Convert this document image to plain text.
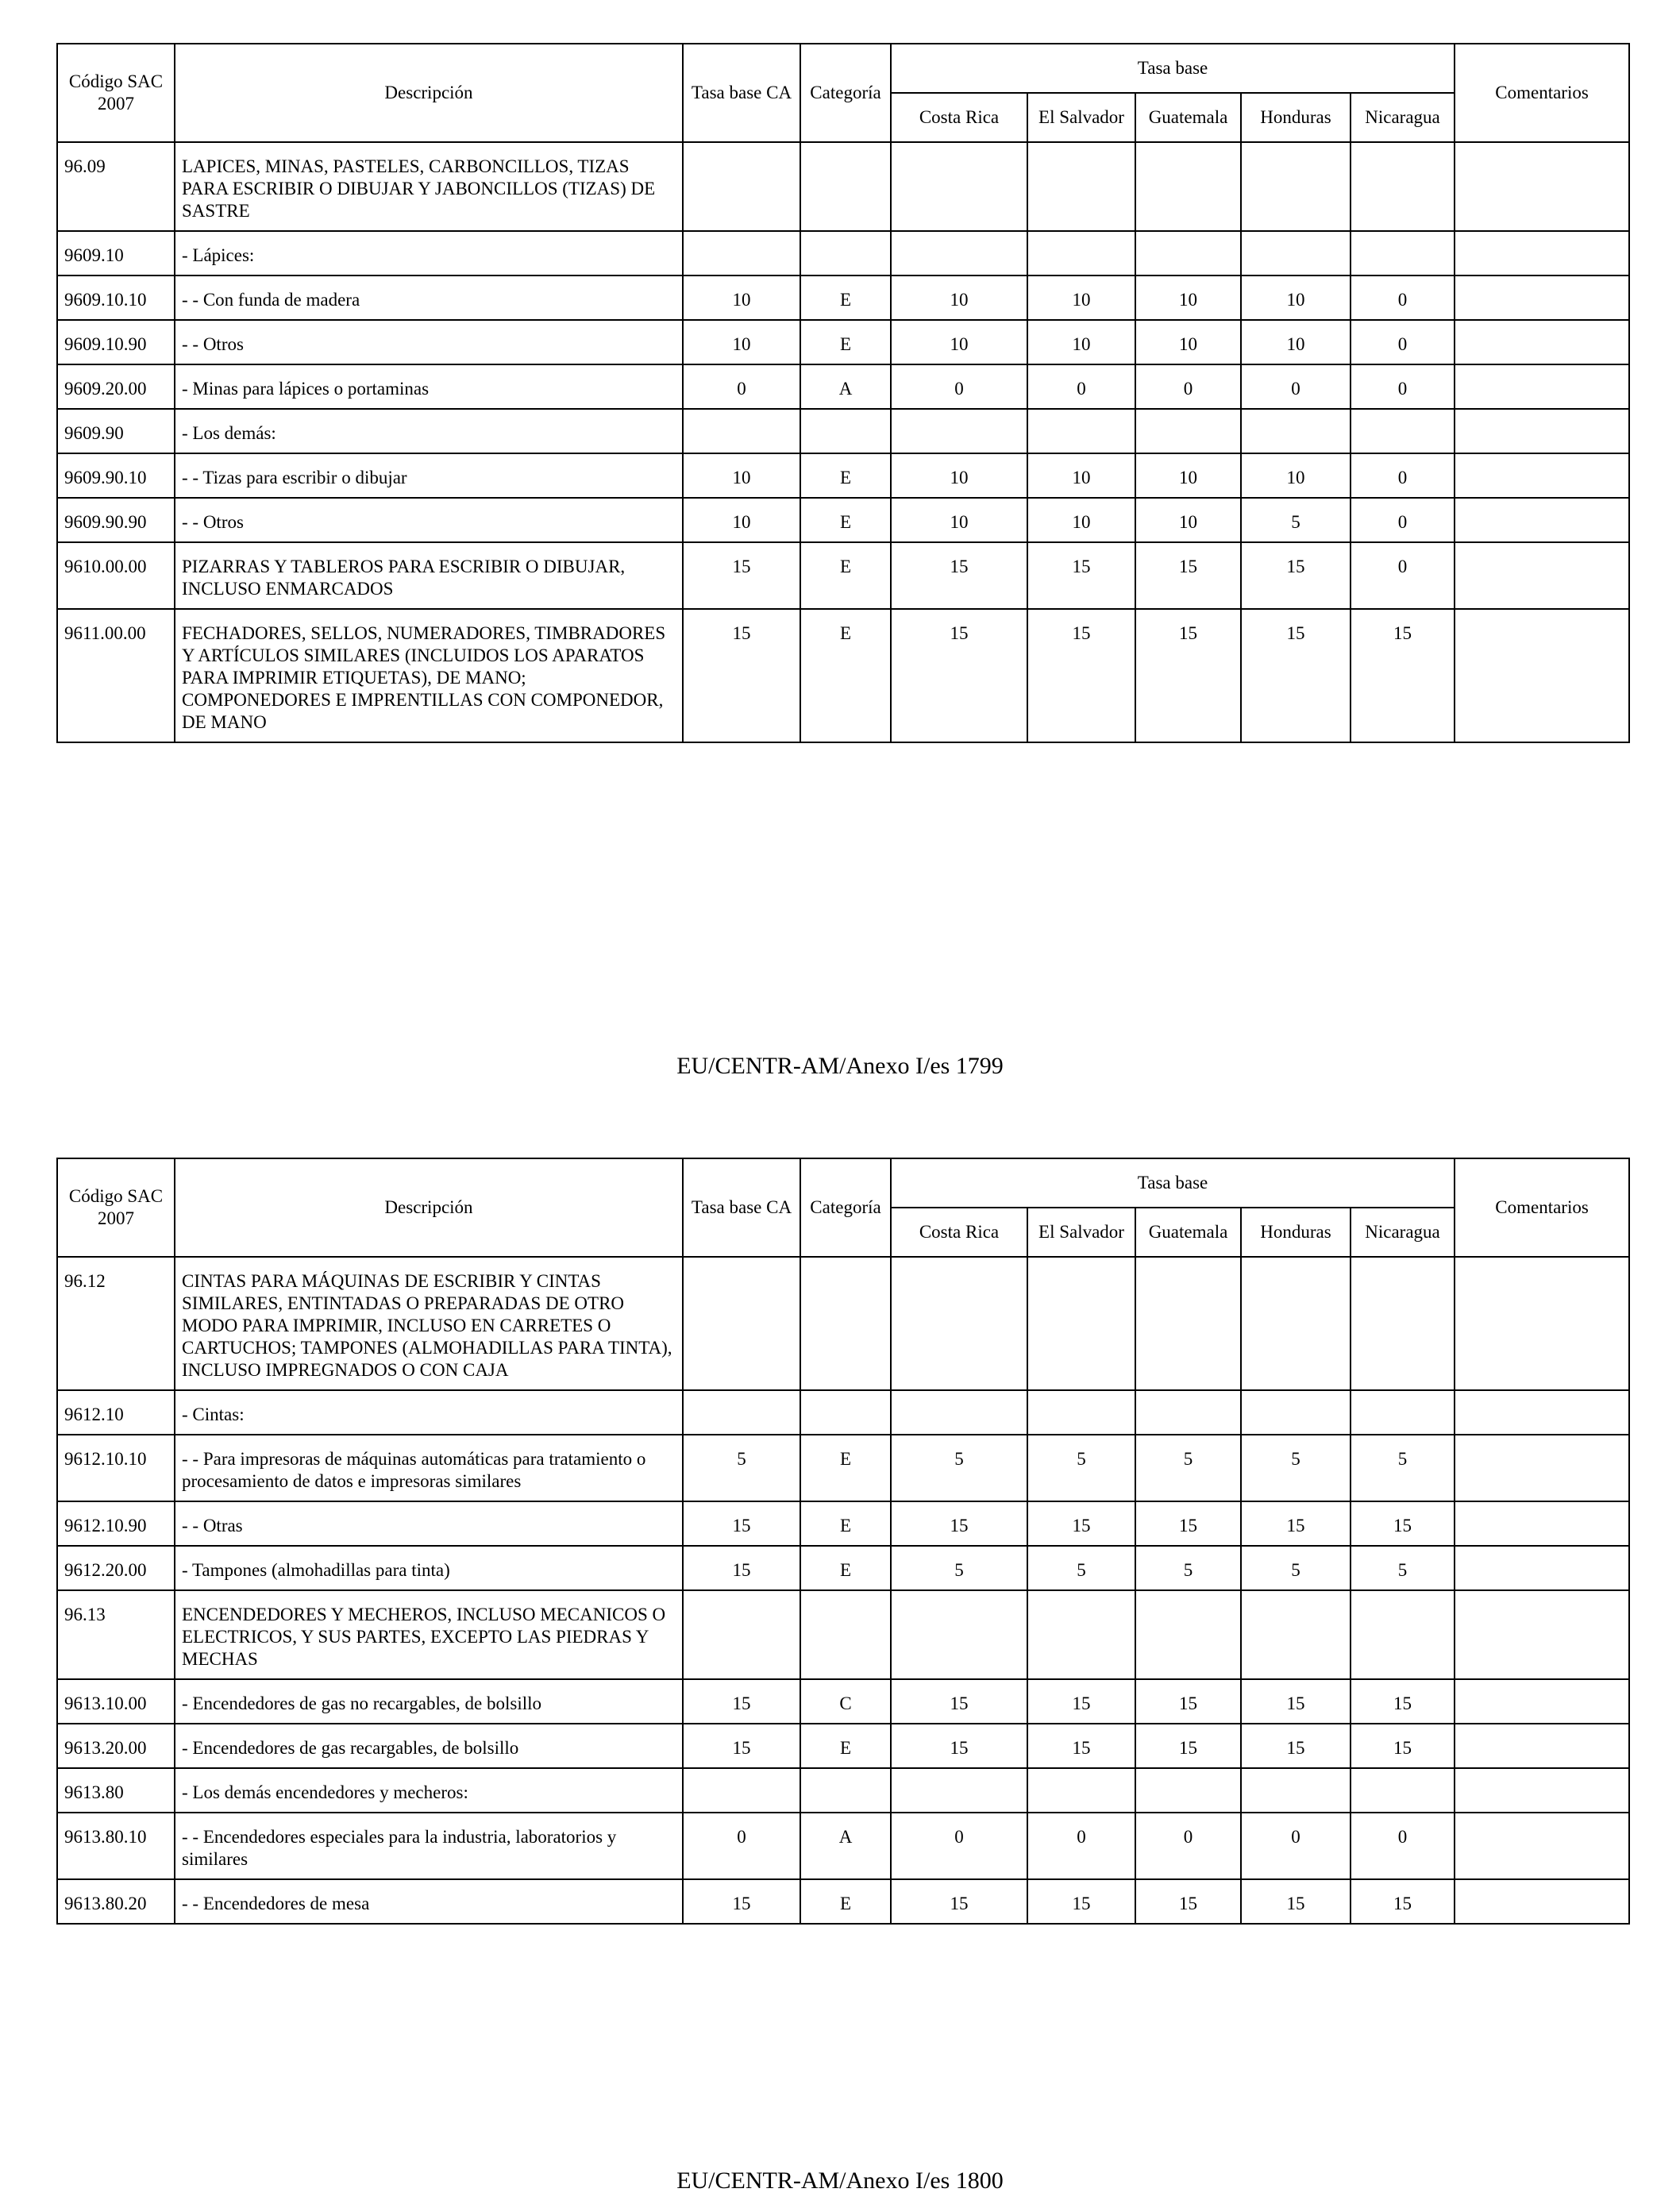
Código SAC 2007	Descripción	Tasa base CA	Categoría	Tasa base					Comentarios
				Costa Rica	El Salvador	Guatemala	Honduras	Nicaragua	
96.09	LAPICES, MINAS, PASTELES, CARBONCILLOS, TIZAS PARA ESCRIBIR O DIBUJAR Y JABONCILLOS (TIZAS) DE SASTRE								
9609.10	- Lápices:								
9609.10.10	- - Con funda de madera	10	E	10	10	10	10	0	
9609.10.90	- - Otros	10	E	10	10	10	10	0	
9609.20.00	- Minas para lápices o portaminas	0	A	0	0	0	0	0	
9609.90	- Los demás:								
9609.90.10	- - Tizas para escribir o dibujar	10	E	10	10	10	10	0	
9609.90.90	- - Otros	10	E	10	10	10	5	0	
9610.00.00	PIZARRAS Y TABLEROS PARA ESCRIBIR O DIBUJAR, INCLUSO ENMARCADOS	15	E	15	15	15	15	0	
9611.00.00	FECHADORES, SELLOS, NUMERADORES, TIMBRADORES Y ARTÍCULOS SIMILARES (INCLUIDOS LOS APARATOS PARA IMPRIMIR ETIQUETAS), DE MANO; COMPONEDORES E IMPRENTILLAS CON COMPONEDOR, DE MANO	15	E	15	15	15	15	15	
EU/CENTR-AM/Anexo I/es 1799
Código SAC 2007	Descripción	Tasa base CA	Categoría	Tasa base					Comentarios
				Costa Rica	El Salvador	Guatemala	Honduras	Nicaragua	
96.12	CINTAS PARA MÁQUINAS DE ESCRIBIR Y CINTAS SIMILARES, ENTINTADAS O PREPARADAS DE OTRO MODO PARA IMPRIMIR, INCLUSO EN CARRETES O CARTUCHOS; TAMPONES (ALMOHADILLAS PARA TINTA), INCLUSO IMPREGNADOS O CON CAJA								
9612.10	- Cintas:								
9612.10.10	- - Para impresoras de máquinas automáticas para tratamiento o procesamiento de datos e impresoras similares	5	E	5	5	5	5	5	
9612.10.90	- - Otras	15	E	15	15	15	15	15	
9612.20.00	- Tampones (almohadillas para tinta)	15	E	5	5	5	5	5	
96.13	ENCENDEDORES Y MECHEROS, INCLUSO MECANICOS O ELECTRICOS, Y SUS PARTES, EXCEPTO LAS PIEDRAS Y MECHAS								
9613.10.00	- Encendedores de gas no recargables, de bolsillo	15	C	15	15	15	15	15	
9613.20.00	- Encendedores de gas recargables, de bolsillo	15	E	15	15	15	15	15	
9613.80	- Los demás encendedores y mecheros:								
9613.80.10	- - Encendedores especiales para la industria, laboratorios y similares	0	A	0	0	0	0	0	
9613.80.20	- - Encendedores de mesa	15	E	15	15	15	15	15	
EU/CENTR-AM/Anexo I/es 1800
